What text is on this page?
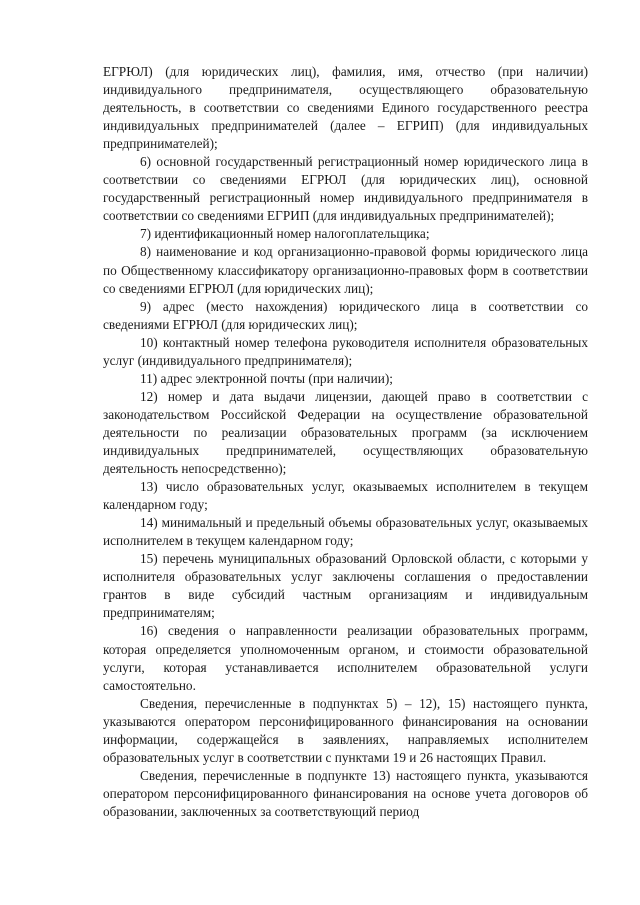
ЕГРЮЛ) (для юридических лиц), фамилия, имя, отчество (при наличии) индивидуального предпринимателя, осуществляющего образовательную деятельность, в соответствии со сведениями Единого государственного реестра индивидуальных предпринимателей (далее – ЕГРИП) (для индивидуальных предпринимателей);

6) основной государственный регистрационный номер юридического лица в соответствии со сведениями ЕГРЮЛ (для юридических лиц), основной государственный регистрационный номер индивидуального предпринимателя в соответствии со сведениями ЕГРИП (для индивидуальных предпринимателей);

7) идентификационный номер налогоплательщика;

8) наименование и код организационно-правовой формы юридического лица по Общественному классификатору организационно-правовых форм в соответствии со сведениями ЕГРЮЛ (для юридических лиц);

9) адрес (место нахождения) юридического лица в соответствии со сведениями ЕГРЮЛ (для юридических лиц);

10) контактный номер телефона руководителя исполнителя образовательных услуг (индивидуального предпринимателя);

11) адрес электронной почты (при наличии);

12) номер и дата выдачи лицензии, дающей право в соответствии с законодательством Российской Федерации на осуществление образовательной деятельности по реализации образовательных программ (за исключением индивидуальных предпринимателей, осуществляющих образовательную деятельность непосредственно);

13) число образовательных услуг, оказываемых исполнителем в текущем календарном году;

14) минимальный и предельный объемы образовательных услуг, оказываемых исполнителем в текущем календарном году;

15) перечень муниципальных образований Орловской области, с которыми у исполнителя образовательных услуг заключены соглашения о предоставлении грантов в виде субсидий частным организациям и индивидуальным предпринимателям;

16) сведения о направленности реализации образовательных программ, которая определяется уполномоченным органом, и стоимости образовательной услуги, которая устанавливается исполнителем образовательной услуги самостоятельно.

Сведения, перечисленные в подпунктах 5) – 12), 15) настоящего пункта, указываются оператором персонифицированного финансирования на основании информации, содержащейся в заявлениях, направляемых исполнителем образовательных услуг в соответствии с пунктами 19 и 26 настоящих Правил.

Сведения, перечисленные в подпункте 13) настоящего пункта, указываются оператором персонифицированного финансирования на основе учета договоров об образовании, заключенных за соответствующий период
